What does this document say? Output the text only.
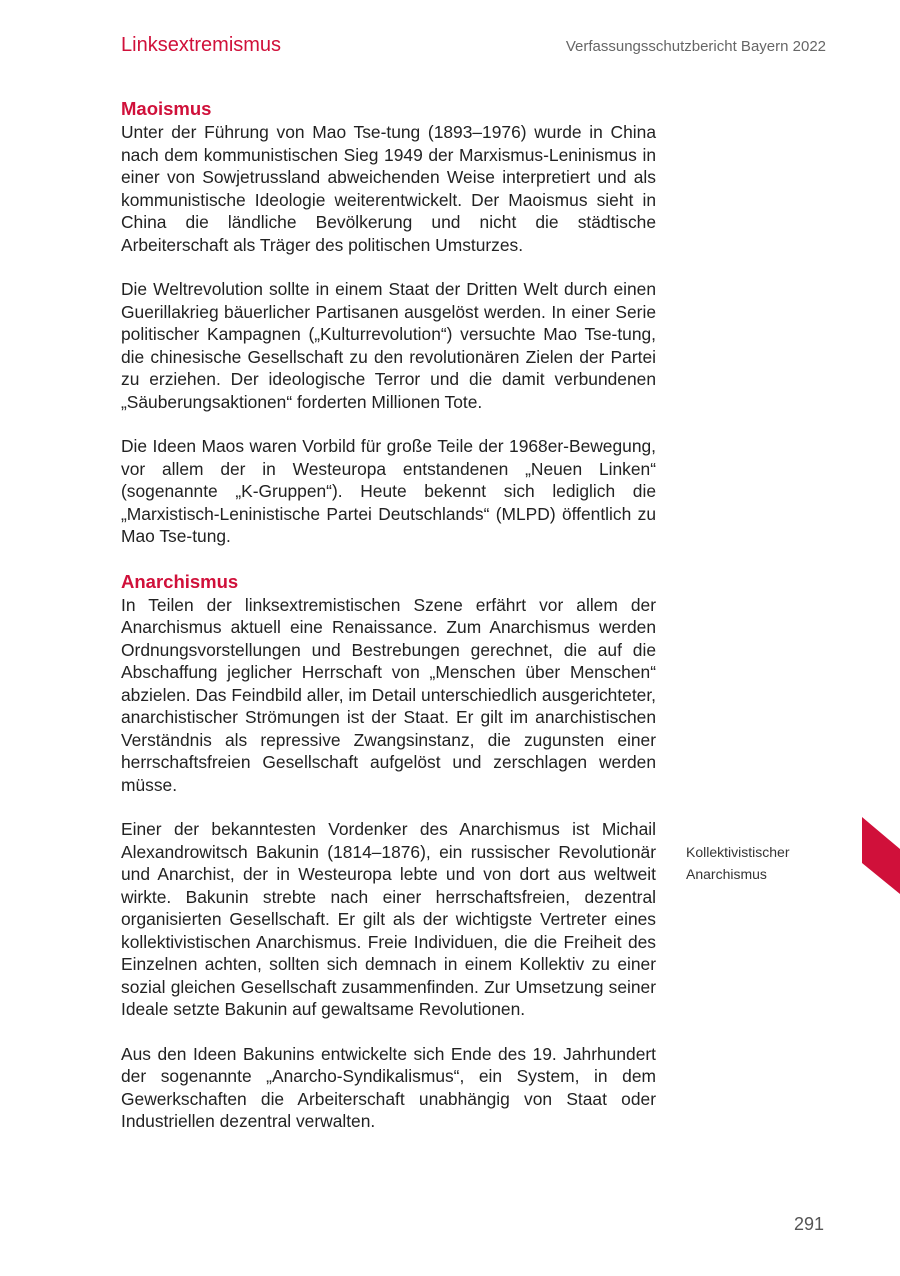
Linksextremismus	Verfassungsschutzbericht Bayern 2022
Maoismus

Unter der Führung von Mao Tse-tung (1893–1976) wurde in China nach dem kommunistischen Sieg 1949 der Marxismus-Leninismus in einer von Sowjetrussland abweichenden Weise interpretiert und als kommunistische Ideologie weiterentwickelt. Der Maoismus sieht in China die ländliche Bevölkerung und nicht die städtische Arbeiterschaft als Träger des politischen Umsturzes.

Die Weltrevolution sollte in einem Staat der Dritten Welt durch einen Guerillakrieg bäuerlicher Partisanen ausgelöst werden. In einer Serie politischer Kampagnen („Kulturrevolution“) versuchte Mao Tse-tung, die chinesische Gesellschaft zu den revolutionären Zielen der Partei zu erziehen. Der ideologische Terror und die damit verbundenen „Säuberungsaktionen“ forderten Millionen Tote.

Die Ideen Maos waren Vorbild für große Teile der 1968er-Bewegung, vor allem der in Westeuropa entstandenen „Neuen Linken“ (sogenannte „K-Gruppen“). Heute bekennt sich lediglich die „Marxistisch-Leninistische Partei Deutschlands“ (MLPD) öffentlich zu Mao Tse-tung.

Anarchismus

In Teilen der linksextremistischen Szene erfährt vor allem der Anarchismus aktuell eine Renaissance. Zum Anarchismus werden Ordnungsvorstellungen und Bestrebungen gerechnet, die auf die Abschaffung jeglicher Herrschaft von „Menschen über Menschen“ abzielen. Das Feindbild aller, im Detail unterschiedlich ausgerichteter, anarchistischer Strömungen ist der Staat. Er gilt im anarchistischen Verständnis als repressive Zwangsinstanz, die zugunsten einer herrschaftsfreien Gesellschaft aufgelöst und zerschlagen werden müsse.

Einer der bekanntesten Vordenker des Anarchismus ist Michail Alexandrowitsch Bakunin (1814–1876), ein russischer Revolutionär und Anarchist, der in Westeuropa lebte und von dort aus weltweit wirkte. Bakunin strebte nach einer herrschaftsfreien, dezentral organisierten Gesellschaft. Er gilt als der wichtigste Vertreter eines kollektivistischen Anarchismus. Freie Individuen, die die Freiheit des Einzelnen achten, sollten sich demnach in einem Kollektiv zu einer sozial gleichen Gesellschaft zusammenfinden. Zur Umsetzung seiner Ideale setzte Bakunin auf gewaltsame Revolutionen.

Aus den Ideen Bakunins entwickelte sich Ende des 19. Jahrhundert der sogenannte „Anarcho-Syndikalismus“, ein System, in dem Gewerkschaften die Arbeiterschaft unabhängig von Staat oder Industriellen dezentral verwalten.

Kollektivistischer
Anarchismus
291
